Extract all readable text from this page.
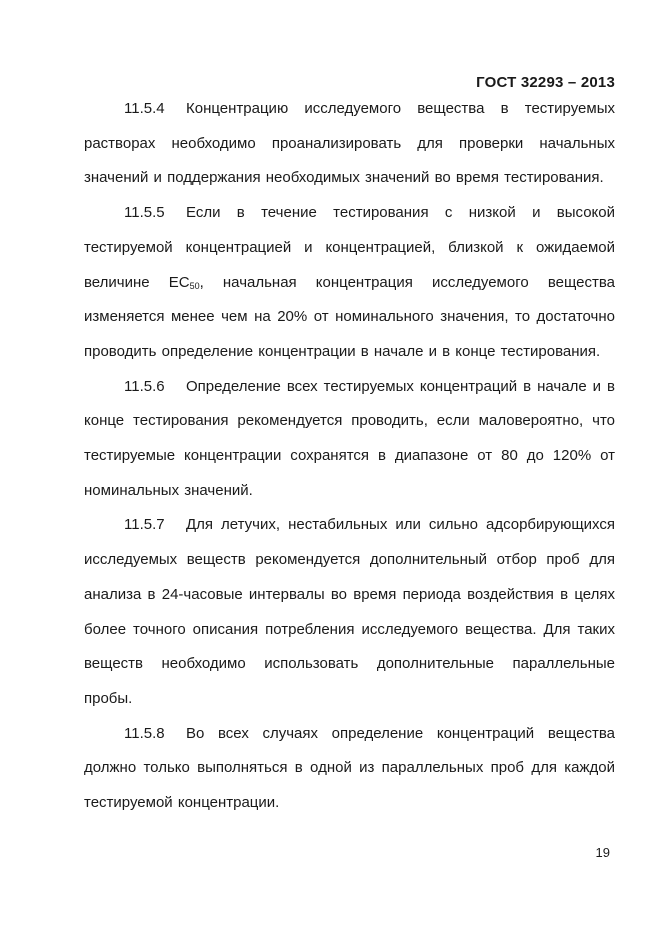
ГОСТ 32293 – 2013

11.5.4 Концентрацию исследуемого вещества в тестируемых растворах необходимо проанализировать для проверки начальных значений и поддержания необходимых значений во время тестирования.

11.5.5 Если в течение тестирования с низкой и высокой тестируемой концентрацией и концентрацией, близкой к ожидаемой величине $EC_{50}$, начальная концентрация исследуемого вещества изменяется менее чем на 20% от номинального значения, то достаточно проводить определение концентрации в начале и в конце тестирования.

11.5.6 Определение всех тестируемых концентраций в начале и в конце тестирования рекомендуется проводить, если маловероятно, что тестируемые концентрации сохранятся в диапазоне от 80 до 120% от номинальных значений.

11.5.7 Для летучих, нестабильных или сильно адсорбирующихся исследуемых веществ рекомендуется дополнительный отбор проб для анализа в 24-часовые интервалы во время периода воздействия в целях более точного описания потребления исследуемого вещества. Для таких веществ необходимо использовать дополнительные параллельные пробы.

11.5.8 Во всех случаях определение концентраций вещества должно только выполняться в одной из параллельных проб для каждой тестируемой концентрации.

19
